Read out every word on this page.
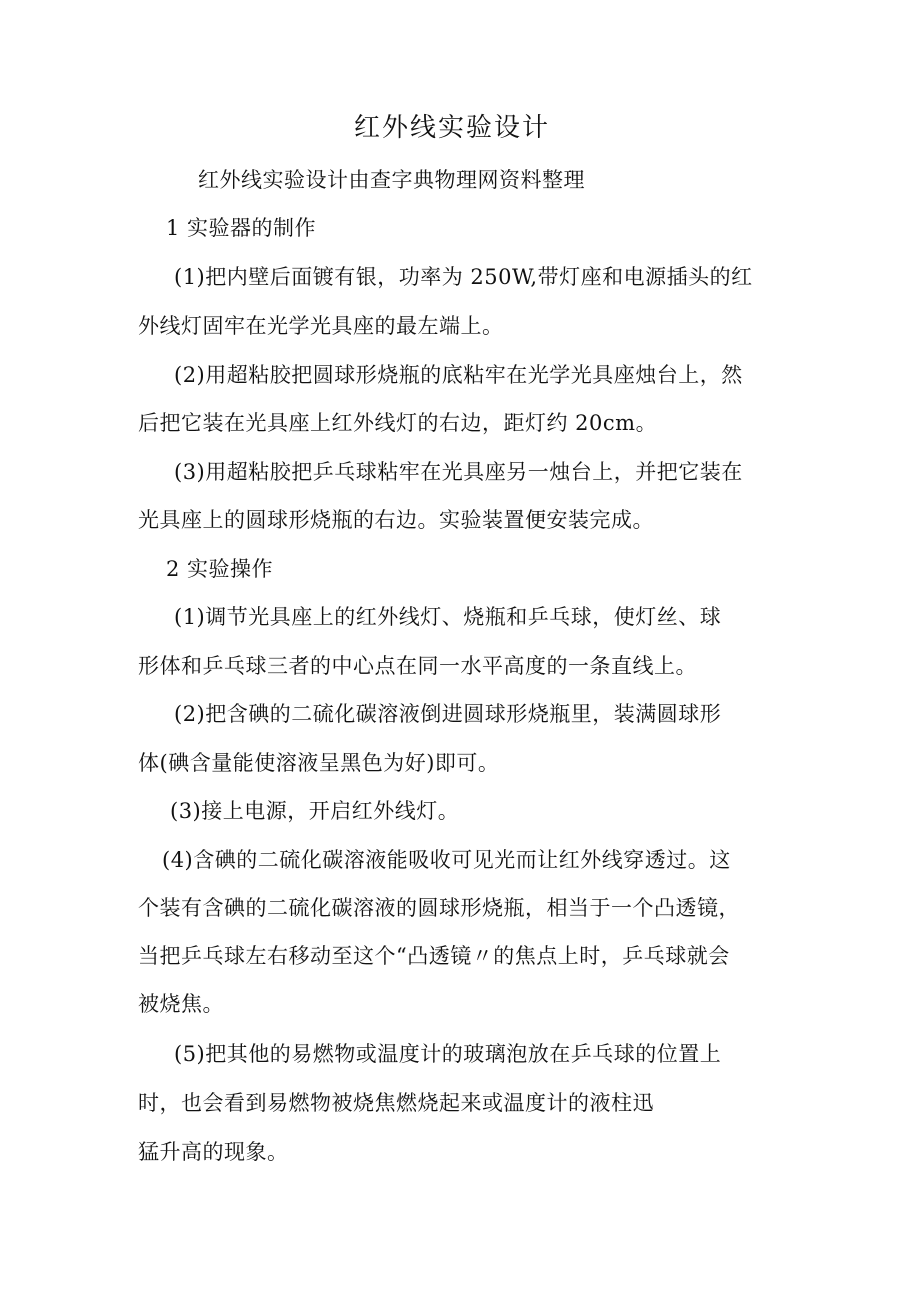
红外线实验设计
红外线实验设计由查字典物理网资料整理
1 实验器的制作
(1)把内壁后面镀有银，功率为 250W,带灯座和电源插头的红
外线灯固牢在光学光具座的最左端上。
(2)用超粘胶把圆球形烧瓶的底粘牢在光学光具座烛台上，然
后把它装在光具座上红外线灯的右边，距灯约 20cm。
(3)用超粘胶把乒乓球粘牢在光具座另一烛台上，并把它装在
光具座上的圆球形烧瓶的右边。实验装置便安装完成。
2 实验操作
(1)调节光具座上的红外线灯、烧瓶和乒乓球，使灯丝、球
形体和乒乓球三者的中心点在同一水平高度的一条直线上。
(2)把含碘的二硫化碳溶液倒进圆球形烧瓶里，装满圆球形
体(碘含量能使溶液呈黑色为好)即可。
(3)接上电源，开启红外线灯。
(4)含碘的二硫化碳溶液能吸收可见光而让红外线穿透过。这
个装有含碘的二硫化碳溶液的圆球形烧瓶，相当于一个凸透镜，
当把乒乓球左右移动至这个“凸透镜〃的焦点上时，乒乓球就会
被烧焦。
(5)把其他的易燃物或温度计的玻璃泡放在乒乓球的位置上
时，也会看到易燃物被烧焦燃烧起来或温度计的液柱迅
猛升高的现象。
